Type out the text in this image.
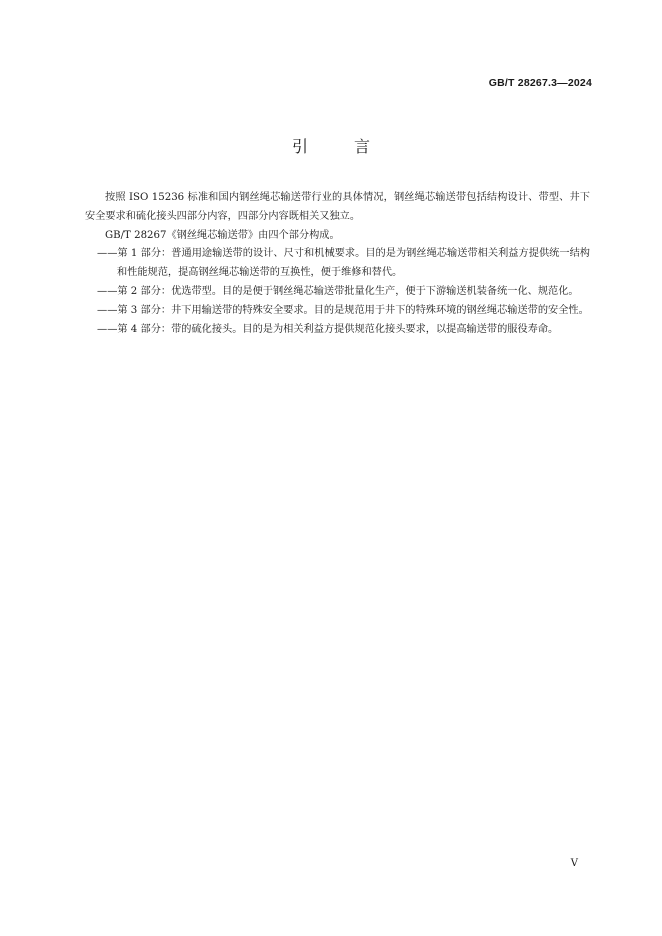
GB/T 28267.3—2024
引言

按照 ISO 15236 标准和国内钢丝绳芯输送带行业的具体情况，钢丝绳芯输送带包括结构设计、带型、井下安全要求和硫化接头四部分内容，四部分内容既相关又独立。

GB/T 28267《钢丝绳芯输送带》由四个部分构成。

——第 1 部分：普通用途输送带的设计、尺寸和机械要求。目的是为钢丝绳芯输送带相关利益方提供统一结构和性能规范，提高钢丝绳芯输送带的互换性，便于维修和替代。

——第 2 部分：优选带型。目的是便于钢丝绳芯输送带批量化生产，便于下游输送机装备统一化、规范化。

——第 3 部分：井下用输送带的特殊安全要求。目的是规范用于井下的特殊环境的钢丝绳芯输送带的安全性。

——第 4 部分：带的硫化接头。目的是为相关利益方提供规范化接头要求，以提高输送带的服役寿命。

V
